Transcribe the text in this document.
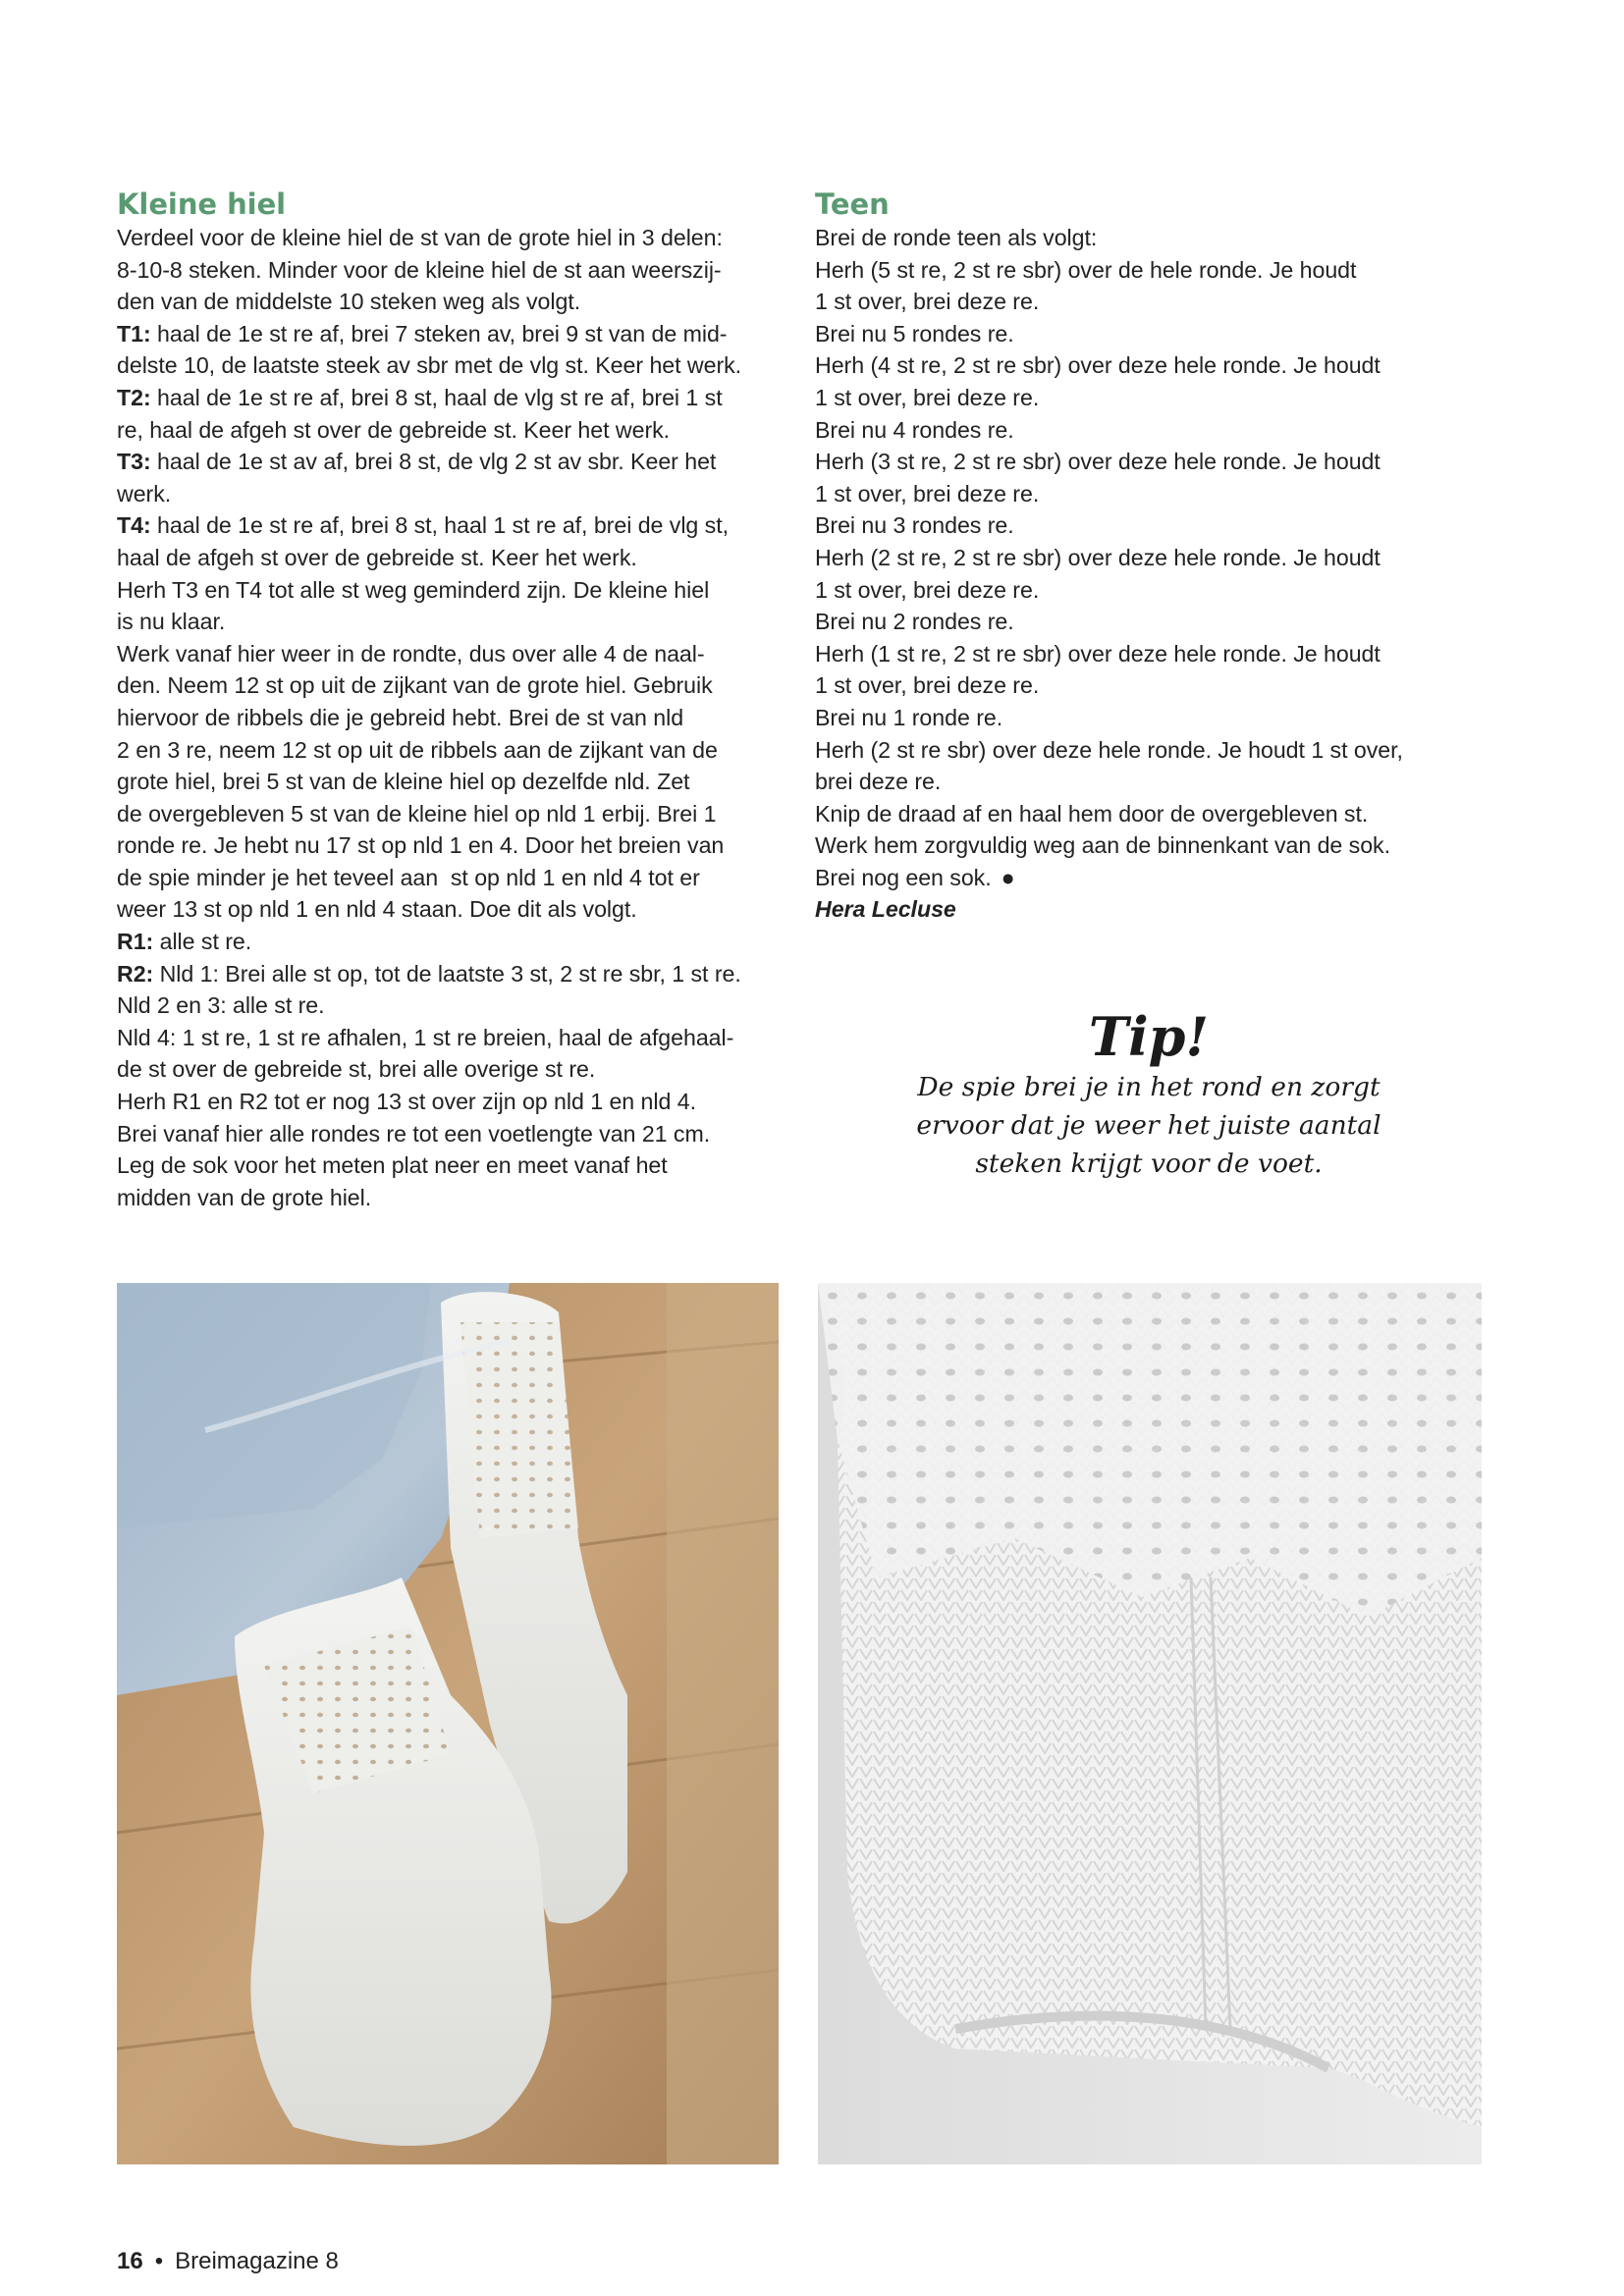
Kleine hiel
Verdeel voor de kleine hiel de st van de grote hiel in 3 delen:
8-10-8 steken. Minder voor de kleine hiel de st aan weerszij-
den van de middelste 10 steken weg als volgt.
T1: haal de 1e st re af, brei 7 steken av, brei 9 st van de mid-
delste 10, de laatste steek av sbr met de vlg st. Keer het werk.
T2: haal de 1e st re af, brei 8 st, haal de vlg st re af, brei 1 st
re, haal de afgeh st over de gebreide st. Keer het werk.
T3: haal de 1e st av af, brei 8 st, de vlg 2 st av sbr. Keer het
werk.
T4: haal de 1e st re af, brei 8 st, haal 1 st re af, brei de vlg st,
haal de afgeh st over de gebreide st. Keer het werk.
Herh T3 en T4 tot alle st weg geminderd zijn. De kleine hiel
is nu klaar.
Werk vanaf hier weer in de rondte, dus over alle 4 de naal-
den. Neem 12 st op uit de zijkant van de grote hiel. Gebruik
hiervoor de ribbels die je gebreid hebt. Brei de st van nld
2 en 3 re, neem 12 st op uit de ribbels aan de zijkant van de
grote hiel, brei 5 st van de kleine hiel op dezelfde nld. Zet
de overgebleven 5 st van de kleine hiel op nld 1 erbij. Brei 1
ronde re. Je hebt nu 17 st op nld 1 en 4. Door het breien van
de spie minder je het teveel aan  st op nld 1 en nld 4 tot er
weer 13 st op nld 1 en nld 4 staan. Doe dit als volgt.
R1: alle st re.
R2: Nld 1: Brei alle st op, tot de laatste 3 st, 2 st re sbr, 1 st re.
Nld 2 en 3: alle st re.
Nld 4: 1 st re, 1 st re afhalen, 1 st re breien, haal de afgehaal-
de st over de gebreide st, brei alle overige st re.
Herh R1 en R2 tot er nog 13 st over zijn op nld 1 en nld 4.
Brei vanaf hier alle rondes re tot een voetlengte van 21 cm.
Leg de sok voor het meten plat neer en meet vanaf het
midden van de grote hiel.
Teen
Brei de ronde teen als volgt:
Herh (5 st re, 2 st re sbr) over de hele ronde. Je houdt
1 st over, brei deze re.
Brei nu 5 rondes re.
Herh (4 st re, 2 st re sbr) over deze hele ronde. Je houdt
1 st over, brei deze re.
Brei nu 4 rondes re.
Herh (3 st re, 2 st re sbr) over deze hele ronde. Je houdt
1 st over, brei deze re.
Brei nu 3 rondes re.
Herh (2 st re, 2 st re sbr) over deze hele ronde. Je houdt
1 st over, brei deze re.
Brei nu 2 rondes re.
Herh (1 st re, 2 st re sbr) over deze hele ronde. Je houdt
1 st over, brei deze re.
Brei nu 1 ronde re.
Herh (2 st re sbr) over deze hele ronde. Je houdt 1 st over,
brei deze re.
Knip de draad af en haal hem door de overgebleven st.
Werk hem zorgvuldig weg aan de binnenkant van de sok.
Brei nog een sok. ●
Hera Lecluse
Tip!
De spie brei je in het rond en zorgt
ervoor dat je weer het juiste aantal
steken krijgt voor de voet.
16 • Breimagazine 8
